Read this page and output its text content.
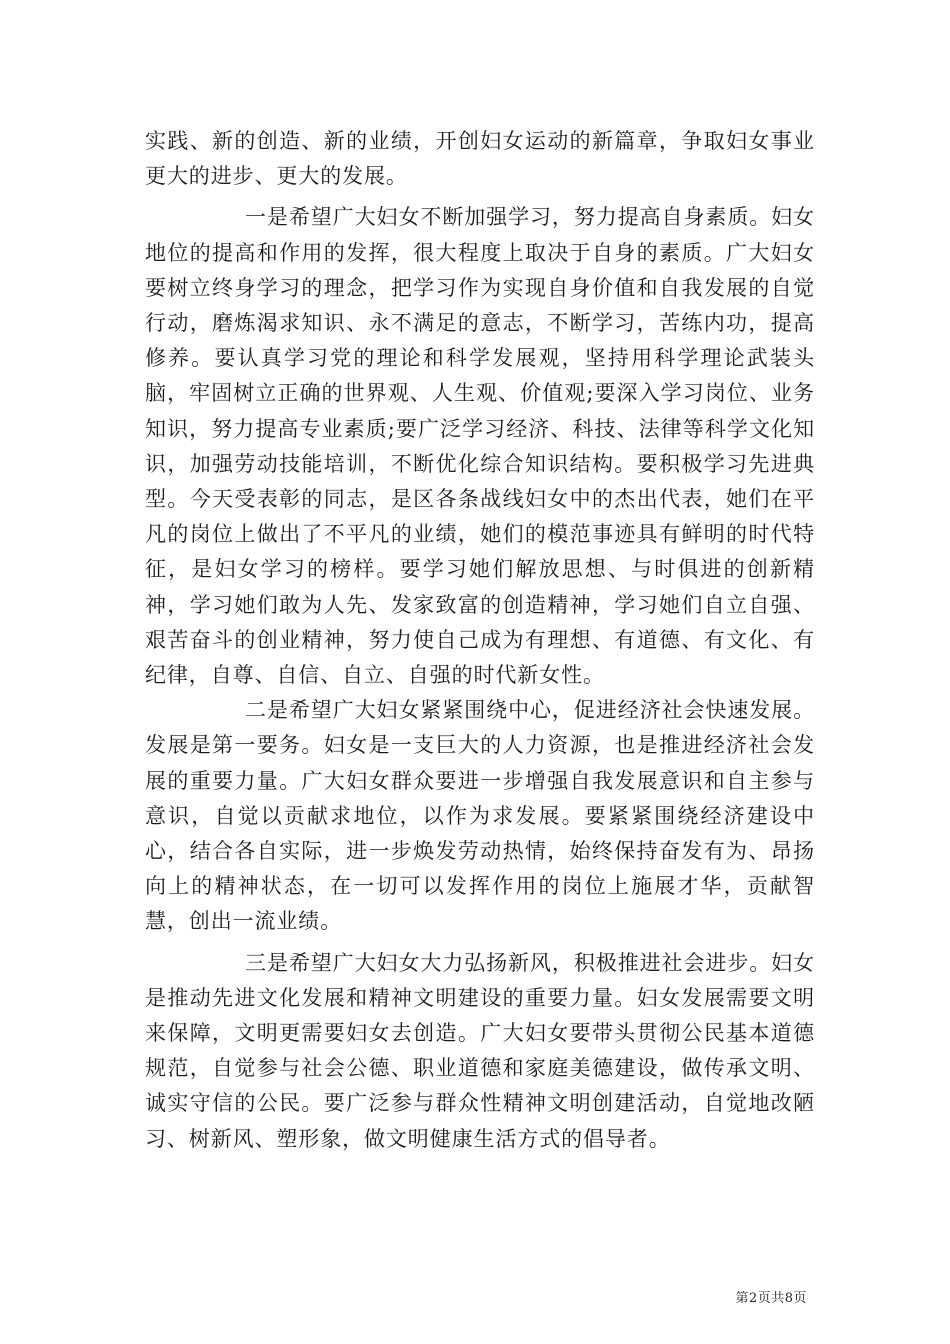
实践、新的创造、新的业绩，开创妇女运动的新篇章，争取妇女事业更大的进步、更大的发展。

一是希望广大妇女不断加强学习，努力提高自身素质。妇女地位的提高和作用的发挥，很大程度上取决于自身的素质。广大妇女要树立终身学习的理念，把学习作为实现自身价值和自我发展的自觉行动，磨炼渴求知识、永不满足的意志，不断学习，苦练内功，提高修养。要认真学习党的理论和科学发展观，坚持用科学理论武装头脑，牢固树立正确的世界观、人生观、价值观;要深入学习岗位、业务知识，努力提高专业素质;要广泛学习经济、科技、法律等科学文化知识，加强劳动技能培训，不断优化综合知识结构。要积极学习先进典型。今天受表彰的同志，是区各条战线妇女中的杰出代表，她们在平凡的岗位上做出了不平凡的业绩，她们的模范事迹具有鲜明的时代特征，是妇女学习的榜样。要学习她们解放思想、与时俱进的创新精神，学习她们敢为人先、发家致富的创造精神，学习她们自立自强、艰苦奋斗的创业精神，努力使自己成为有理想、有道德、有文化、有纪律，自尊、自信、自立、自强的时代新女性。

二是希望广大妇女紧紧围绕中心，促进经济社会快速发展。发展是第一要务。妇女是一支巨大的人力资源，也是推进经济社会发展的重要力量。广大妇女群众要进一步增强自我发展意识和自主参与意识，自觉以贡献求地位，以作为求发展。要紧紧围绕经济建设中心，结合各自实际，进一步焕发劳动热情，始终保持奋发有为、昂扬向上的精神状态，在一切可以发挥作用的岗位上施展才华，贡献智慧，创出一流业绩。

三是希望广大妇女大力弘扬新风，积极推进社会进步。妇女是推动先进文化发展和精神文明建设的重要力量。妇女发展需要文明来保障，文明更需要妇女去创造。广大妇女要带头贯彻公民基本道德规范，自觉参与社会公德、职业道德和家庭美德建设，做传承文明、诚实守信的公民。要广泛参与群众性精神文明创建活动，自觉地改陋习、树新风、塑形象，做文明健康生活方式的倡导者。

第2页共8页
